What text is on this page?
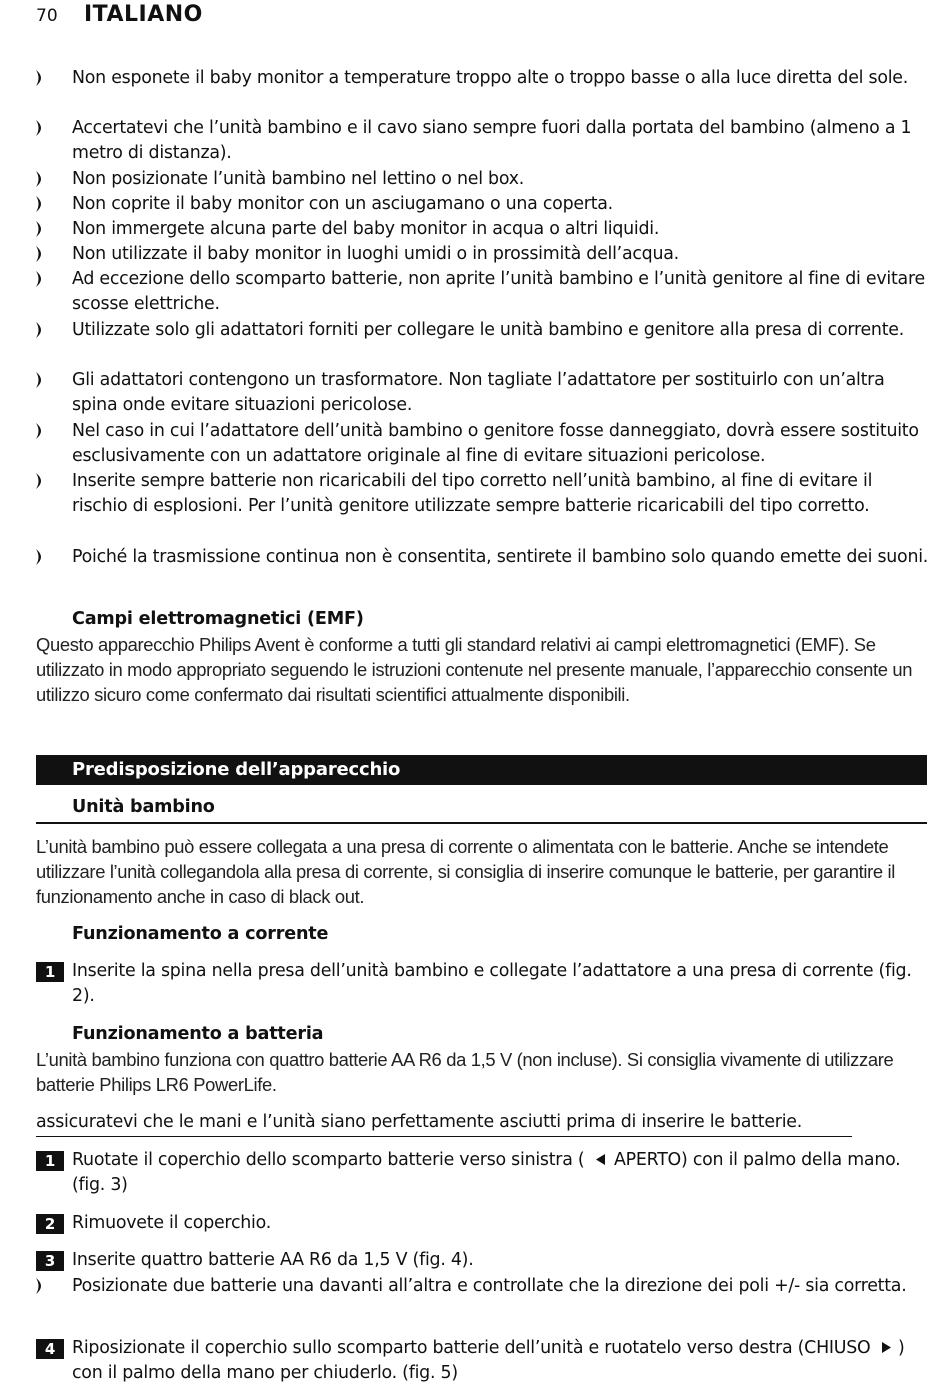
70	ITALIANO
Non esponete il baby monitor a temperature troppo alte o troppo basse o alla luce diretta del sole.
Accertatevi che l’unità bambino e il cavo siano sempre fuori dalla portata del bambino (almeno a 1 metro di distanza).
Non posizionate l’unità bambino nel lettino o nel box.
Non coprite il baby monitor con un asciugamano o una coperta.
Non immergete alcuna parte del baby monitor in acqua o altri liquidi.
Non utilizzate il baby monitor in luoghi umidi o in prossimità dell’acqua.
Ad eccezione dello scomparto batterie, non aprite l’unità bambino e l’unità genitore al fine di evitare scosse elettriche.
Utilizzate solo gli adattatori forniti per collegare le unità bambino e genitore alla presa di corrente.
Gli adattatori contengono un trasformatore. Non tagliate l’adattatore per sostituirlo con un’altra spina onde evitare situazioni pericolose.
Nel caso in cui l’adattatore dell’unità bambino o genitore fosse danneggiato, dovrà essere sostituito esclusivamente con un adattatore originale al fine di evitare situazioni pericolose.
Inserite sempre batterie non ricaricabili del tipo corretto nell’unità bambino, al fine di evitare il rischio di esplosioni. Per l’unità genitore utilizzate sempre batterie ricaricabili del tipo corretto.
Poiché la trasmissione continua non è consentita, sentirete il bambino solo quando emette dei suoni.
Campi elettromagnetici (EMF)
Questo apparecchio Philips Avent è conforme a tutti gli standard relativi ai campi elettromagnetici (EMF). Se utilizzato in modo appropriato seguendo le istruzioni contenute nel presente manuale, l’apparecchio consente un utilizzo sicuro come confermato dai risultati scientifici attualmente disponibili.
Predisposizione dell’apparecchio
Unità bambino
L’unità bambino può essere collegata a una presa di corrente o alimentata con le batterie. Anche se intendete utilizzare l’unità collegandola alla presa di corrente, si consiglia di inserire comunque le batterie, per garantire il funzionamento anche in caso di black out.
Funzionamento a corrente
1 Inserite la spina nella presa dell’unità bambino e collegate l’adattatore a una presa di corrente (fig. 2).
Funzionamento a batteria
L’unità bambino funziona con quattro batterie AA R6 da 1,5 V (non incluse). Si consiglia vivamente di utilizzare batterie Philips LR6 PowerLife.
assicuratevi che le mani e l’unità siano perfettamente asciutti prima di inserire le batterie.
1 Ruotate il coperchio dello scomparto batterie verso sinistra ( APERTO) con il palmo della mano. (fig. 3)
2 Rimuovete il coperchio.
3 Inserite quattro batterie AA R6 da 1,5 V (fig. 4).
Posizionate due batterie una davanti all’altra e controllate che la direzione dei poli +/- sia corretta.
4 Riposizionate il coperchio sullo scomparto batterie dell’unità e ruotatelo verso destra (CHIUSO ) con il palmo della mano per chiuderlo. (fig. 5)
